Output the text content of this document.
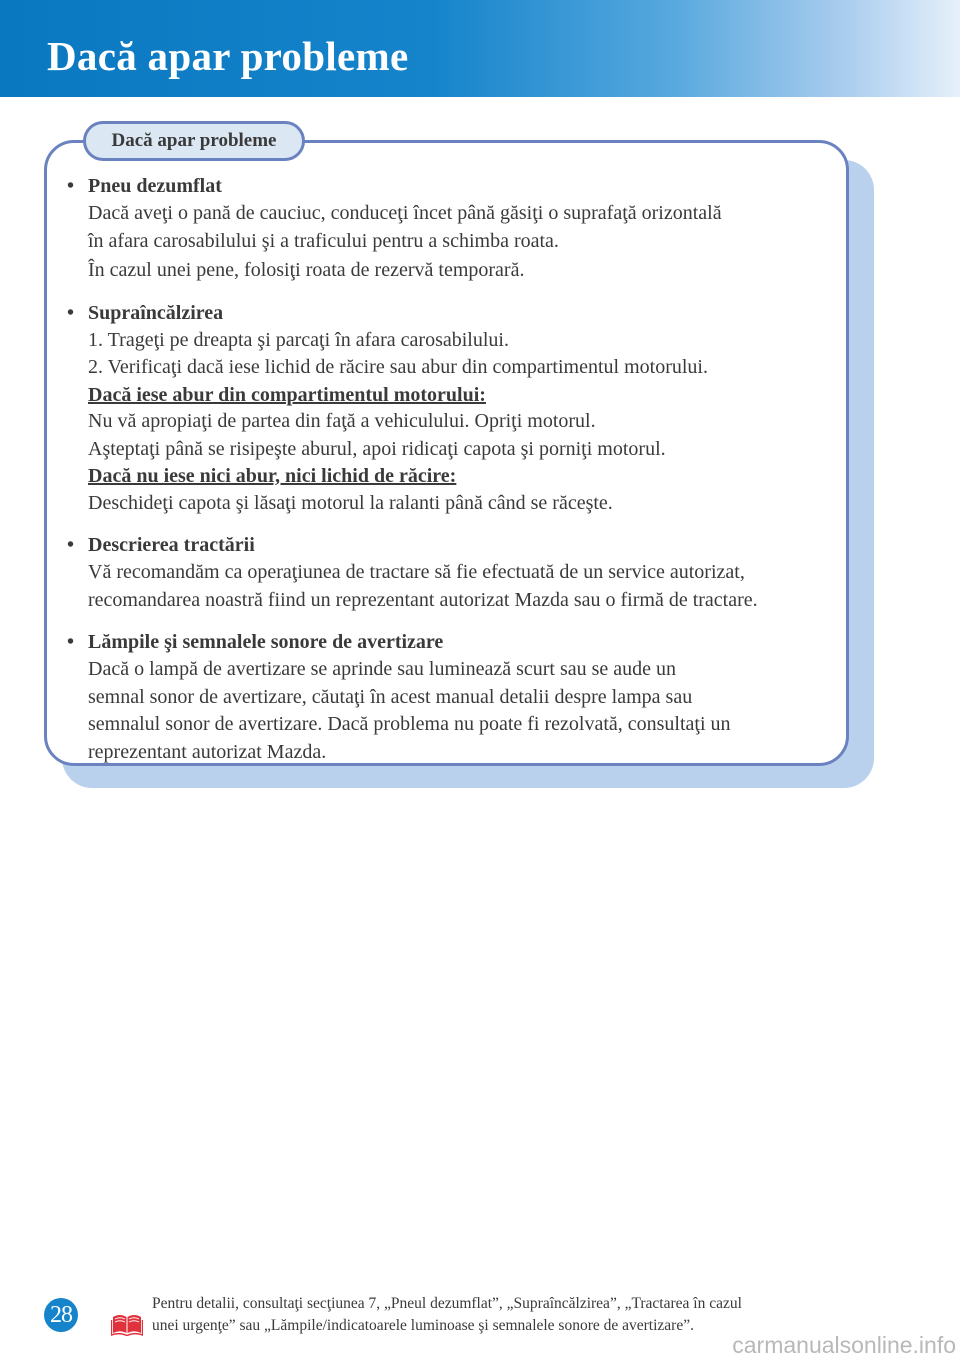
Dacă apar probleme
Dacă apar probleme
• Pneu dezumflat

Dacă aveţi o pană de cauciuc, conduceţi încet până găsiţi o suprafaţă orizontală

în afara carosabilului şi a traficului pentru a schimba roata.

În cazul unei pene, folosiţi roata de rezervă temporară.

• Supraîncălzirea

1. Trageţi pe dreapta şi parcaţi în afara carosabilului.

2. Verificaţi dacă iese lichid de răcire sau abur din compartimentul motorului.

Dacă iese abur din compartimentul motorului:

Nu vă apropiaţi de partea din faţă a vehiculului. Opriţi motorul.

Aşteptaţi până se risipeşte aburul, apoi ridicaţi capota şi porniţi motorul.

Dacă nu iese nici abur, nici lichid de răcire:

Deschideţi capota şi lăsaţi motorul la ralanti până când se răceşte.

• Descrierea tractării

Vă recomandăm ca operaţiunea de tractare să fie efectuată de un service autorizat,

recomandarea noastră fiind un reprezentant autorizat Mazda sau o firmă de tractare.

• Lămpile şi semnalele sonore de avertizare

Dacă o lampă de avertizare se aprinde sau luminează scurt sau se aude un

semnal sonor de avertizare, căutaţi în acest manual detalii despre lampa sau

semnalul sonor de avertizare. Dacă problema nu poate fi rezolvată, consultaţi un

reprezentant autorizat Mazda.

28	Pentru detalii, consultaţi secţiunea 7, „Pneul dezumflat”, „Supraîncălzirea”, „Tractarea în cazul

unei urgenţe” sau „Lămpile/indicatoarele luminoase şi semnalele sonore de avertizare”.

carmanualsonline.info
